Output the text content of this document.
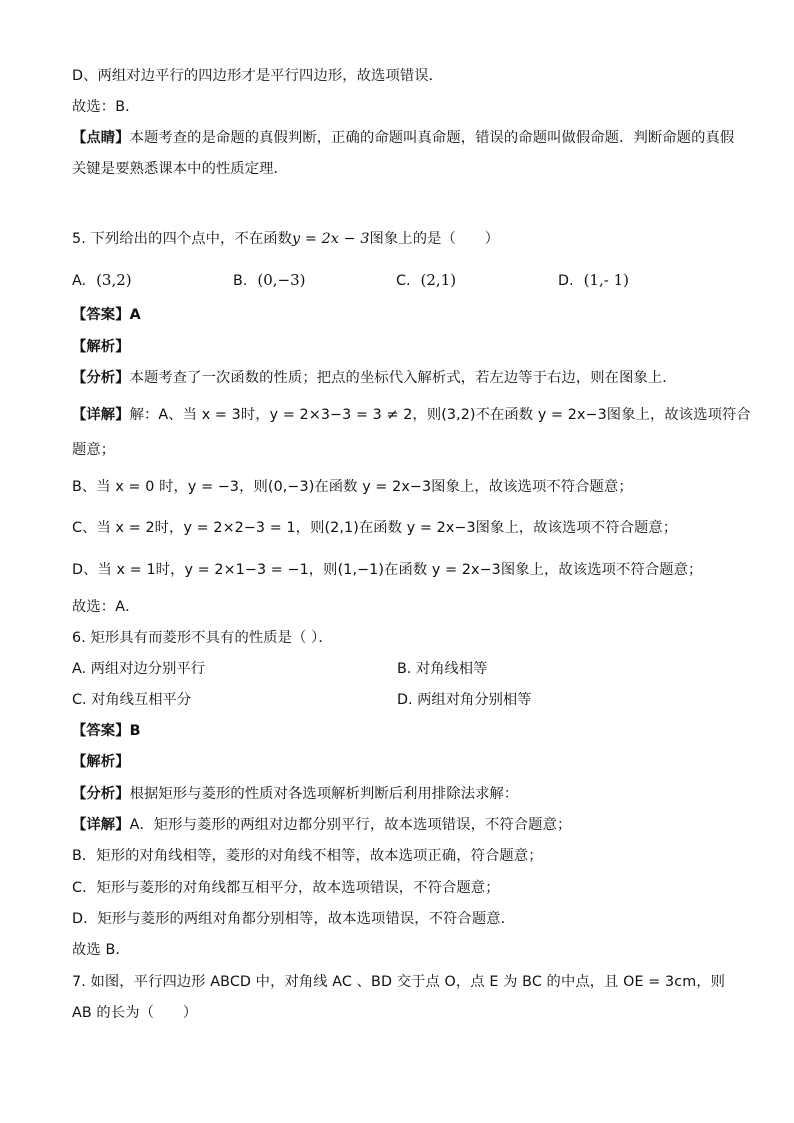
D、两组对边平行的四边形才是平行四边形，故选项错误．
故选：B．
【点睛】本题考查的是命题的真假判断，正确的命题叫真命题，错误的命题叫做假命题．判断命题的真假
关键是要熟悉课本中的性质定理．
5. 下列给出的四个点中，不在函数y = 2x − 3图象上的是（　　）
A. (3,2)	B. (0,−3)	C. (2,1)	D. (1,- 1)
【答案】A
【解析】
【分析】本题考查了一次函数的性质；把点的坐标代入解析式，若左边等于右边，则在图象上．
【详解】解：A、当 x = 3时，y = 2×3−3 = 3 ≠ 2，则(3,2)不在函数 y = 2x−3图象上，故该选项符合
题意；
B、当 x = 0 时，y = −3，则(0,−3)在函数 y = 2x−3图象上，故该选项不符合题意；
C、当 x = 2时，y = 2×2−3 = 1，则(2,1)在函数 y = 2x−3图象上，故该选项不符合题意；
D、当 x = 1时，y = 2×1−3 = −1，则(1,−1)在函数 y = 2x−3图象上，故该选项不符合题意；
故选：A．
6. 矩形具有而菱形不具有的性质是（ ）．
A. 两组对边分别平行	B. 对角线相等
C. 对角线互相平分	D. 两组对角分别相等
【答案】B
【解析】
【分析】根据矩形与菱形的性质对各选项解析判断后利用排除法求解：
【详解】A．矩形与菱形的两组对边都分别平行，故本选项错误，不符合题意；
B．矩形的对角线相等，菱形的对角线不相等，故本选项正确，符合题意；
C．矩形与菱形的对角线都互相平分，故本选项错误，不符合题意；
D．矩形与菱形的两组对角都分别相等，故本选项错误，不符合题意．
故选 B．
7. 如图，平行四边形 ABCD 中，对角线 AC 、BD 交于点 O，点 E 为 BC 的中点，且 OE = 3cm，则
AB 的长为（　　）
